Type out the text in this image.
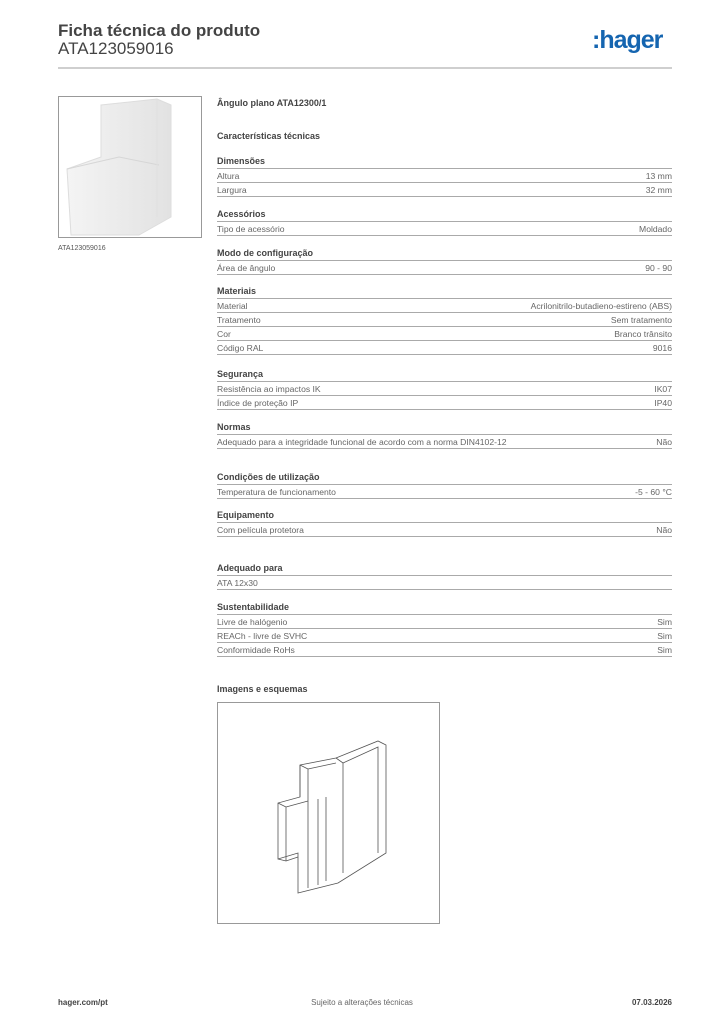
Ficha técnica do produto
ATA123059016	:hager
ATA123059016
Ângulo plano ATA12300/1
Características técnicas
Dimensões
Altura	13 mm
Largura	32 mm
Acessórios
Tipo de acessório	Moldado
Modo de configuração
Área de ângulo	90 - 90
Materiais
Material	Acrilonitrilo-butadieno-estireno (ABS)
Tratamento	Sem tratamento
Cor	Branco trânsito
Código RAL	9016
Segurança
Resistência ao impactos IK	IK07
Índice de proteção IP	IP40
Normas
Adequado para a integridade funcional de acordo com a norma DIN4102-12	Não
Condições de utilização
Temperatura de funcionamento	-5 - 60 °C
Equipamento
Com película protetora	Não
Adequado para
ATA 12x30
Sustentabilidade
Livre de halógenio	Sim
REACh - livre de SVHC	Sim
Conformidade RoHs	Sim
Imagens e esquemas
hager.com/pt	Sujeito a alterações técnicas	07.03.2026
